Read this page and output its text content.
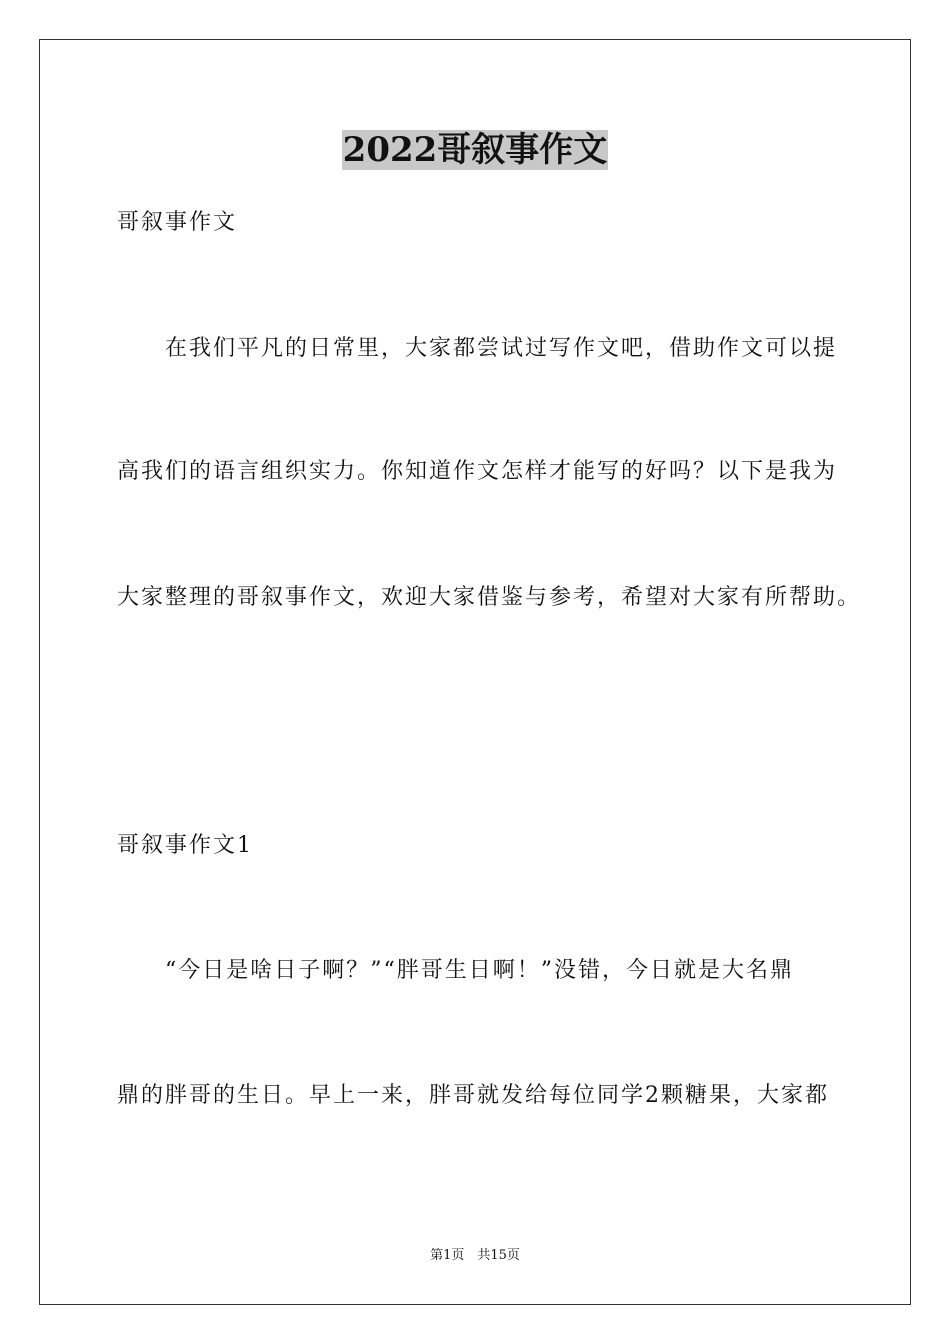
2022哥叙事作文
哥叙事作文
在我们平凡的日常里，大家都尝试过写作文吧，借助作文可以提
高我们的语言组织实力。你知道作文怎样才能写的好吗？以下是我为
大家整理的哥叙事作文，欢迎大家借鉴与参考，希望对大家有所帮助。
哥叙事作文1
“今日是啥日子啊？”“胖哥生日啊！”没错，今日就是大名鼎
鼎的胖哥的生日。早上一来，胖哥就发给每位同学2颗糖果，大家都
第1页　共15页
